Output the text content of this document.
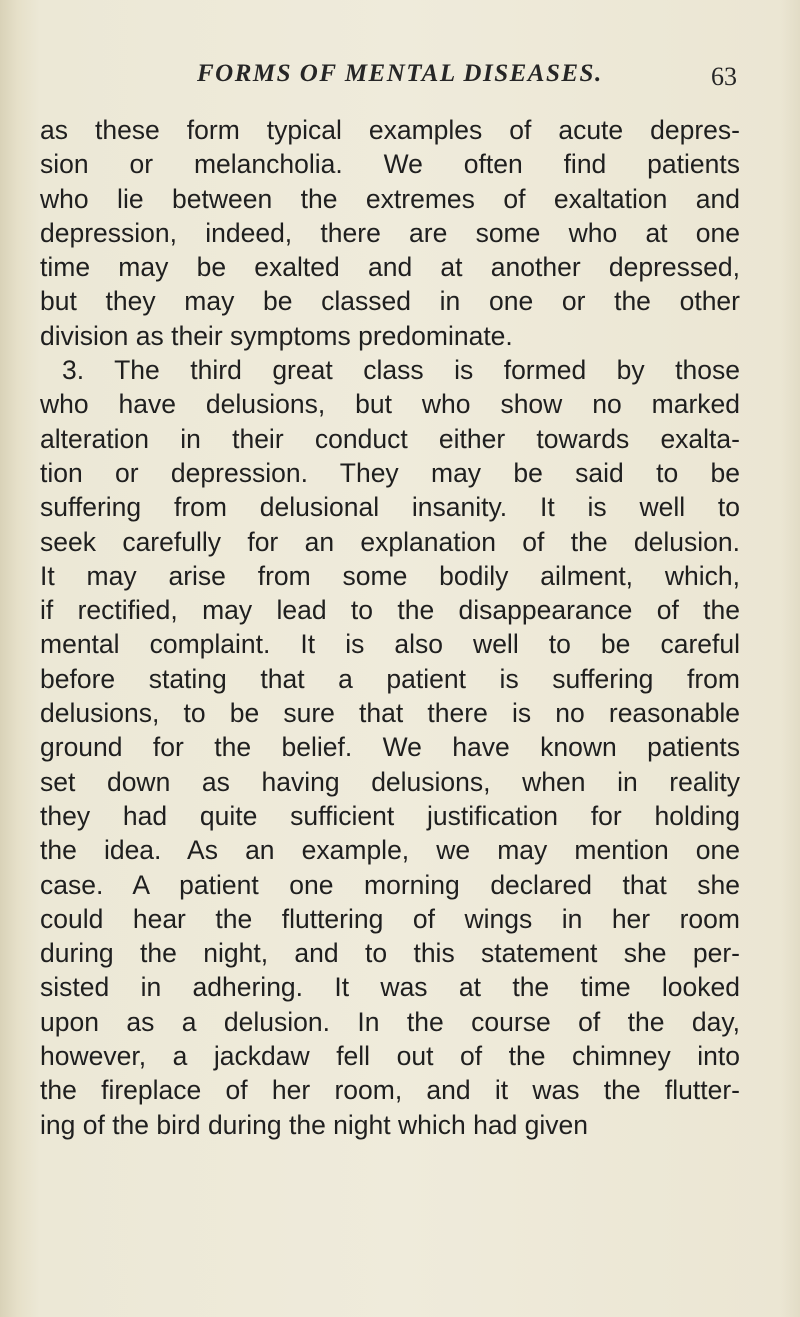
FORMS OF MENTAL DISEASES.	63
as these form typical examples of acute depres-
sion or melancholia. We often find patients
who lie between the extremes of exaltation and
depression, indeed, there are some who at one
time may be exalted and at another depressed,
but they may be classed in one or the other
division as their symptoms predominate.
3. The third great class is formed by those
who have delusions, but who show no marked
alteration in their conduct either towards exalta-
tion or depression. They may be said to be
suffering from delusional insanity. It is well to
seek carefully for an explanation of the delusion.
It may arise from some bodily ailment, which,
if rectified, may lead to the disappearance of the
mental complaint. It is also well to be careful
before stating that a patient is suffering from
delusions, to be sure that there is no reasonable
ground for the belief. We have known patients
set down as having delusions, when in reality
they had quite sufficient justification for holding
the idea. As an example, we may mention one
case. A patient one morning declared that she
could hear the fluttering of wings in her room
during the night, and to this statement she per-
sisted in adhering. It was at the time looked
upon as a delusion. In the course of the day,
however, a jackdaw fell out of the chimney into
the fireplace of her room, and it was the flutter-
ing of the bird during the night which had given
